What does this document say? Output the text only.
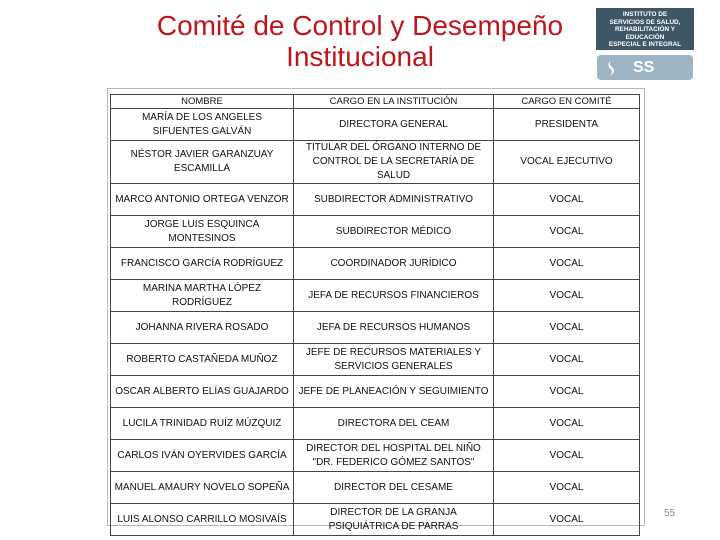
Comité de Control y Desempeño
Institucional
INSTITUTO DE
SERVICIOS DE SALUD,
REHABILITACIÓN Y
EDUCACIÓN
ESPECIAL E INTEGRAL
SS
NOMBRE	CARGO EN LA INSTITUCIÓN	CARGO EN COMITÉ
MARÍA DE LOS ANGELES SIFUENTES GALVÁN	DIRECTORA GENERAL	PRESIDENTA
NÉSTOR JAVIER GARANZUAY ESCAMILLA	TITULAR DEL ÓRGANO INTERNO DE CONTROL DE LA SECRETARÍA DE SALUD	VOCAL EJECUTIVO
MARCO ANTONIO ORTEGA VENZOR	SUBDIRECTOR ADMINISTRATIVO	VOCAL
JORGE LUIS ESQUINCA MONTESINOS	SUBDIRECTOR MÉDICO	VOCAL
FRANCISCO GARCÍA RODRÍGUEZ	COORDINADOR JURÍDICO	VOCAL
MARINA MARTHA LÓPEZ RODRÍGUEZ	JEFA DE RECURSOS FINANCIEROS	VOCAL
JOHANNA RIVERA ROSADO	JEFA DE RECURSOS HUMANOS	VOCAL
ROBERTO CASTAÑEDA MUÑOZ	JEFE DE RECURSOS MATERIALES Y SERVICIOS GENERALES	VOCAL
OSCAR ALBERTO ELÍAS GUAJARDO	JEFE DE PLANEACIÓN Y SEGUIMIENTO	VOCAL
LUCILA TRINIDAD RUÍZ MÚZQUIZ	DIRECTORA DEL CEAM	VOCAL
CARLOS IVÁN OYERVIDES GARCÍA	DIRECTOR DEL HOSPITAL DEL NIÑO "DR. FEDERICO GÓMEZ SANTOS"	VOCAL
MANUEL AMAURY NOVELO SOPEÑA	DIRECTOR DEL CESAME	VOCAL
LUIS ALONSO CARRILLO MOSIVAÍS	DIRECTOR DE LA GRANJA PSIQUIÁTRICA DE PARRAS	VOCAL	55
